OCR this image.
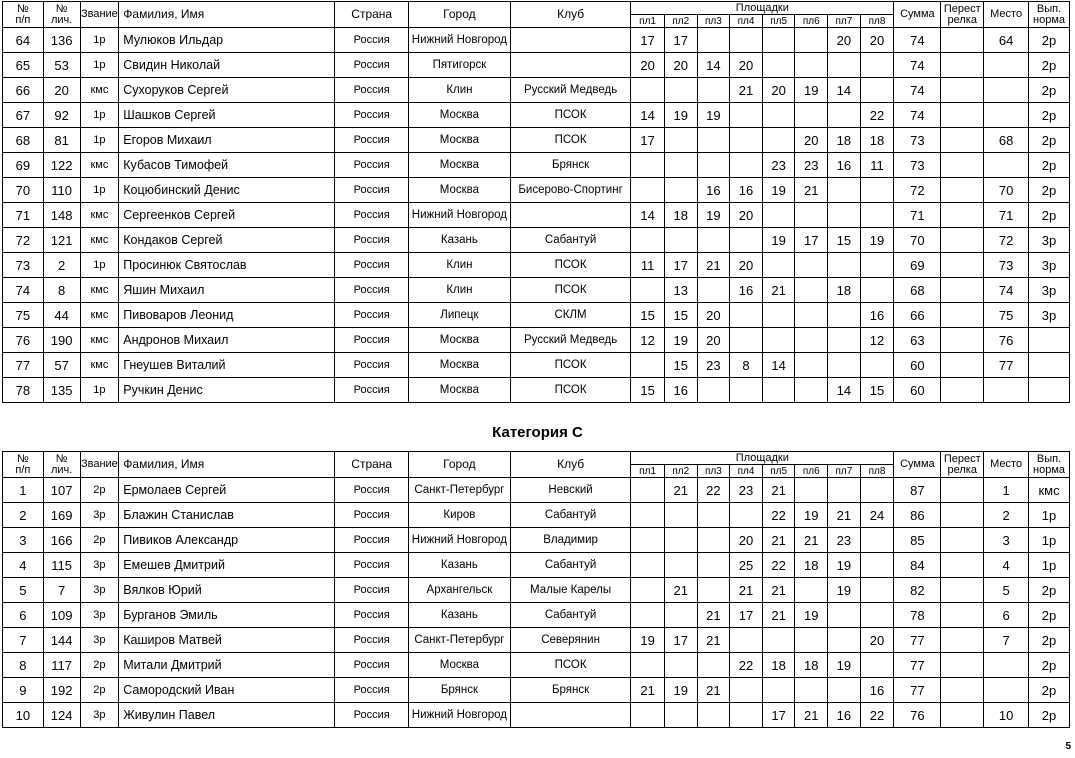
№
п/п	№
лич.	Звание	Фамилия, Имя	Страна	Город	Клуб	Площадки								Сумма	Перест
релка	Место	Вып.
норма
							пл1	пл2	пл3	пл4	пл5	пл6	пл7	пл8				
64	136	1р	Мулюков Ильдар	Россия	Нижний Новгород		17	17					20	20	74		64	2р
65	53	1р	Свидин Николай	Россия	Пятигорск		20	20	14	20					74			2р
66	20	кмс	Сухоруков Сергей	Россия	Клин	Русский Медведь				21	20	19	14		74			2р
67	92	1р	Шашков Сергей	Россия	Москва	ПСОК	14	19	19					22	74			2р
68	81	1р	Егоров Михаил	Россия	Москва	ПСОК	17					20	18	18	73		68	2р
69	122	кмс	Кубасов Тимофей	Россия	Москва	Брянск					23	23	16	11	73			2р
70	110	1р	Коцюбинский Денис	Россия	Москва	Бисерово-Спортинг			16	16	19	21			72		70	2р
71	148	кмс	Сергеенков Сергей	Россия	Нижний Новгород		14	18	19	20					71		71	2р
72	121	кмс	Кондаков Сергей	Россия	Казань	Сабантуй					19	17	15	19	70		72	3р
73	2	1р	Просинюк Святослав	Россия	Клин	ПСОК	11	17	21	20					69		73	3р
74	8	кмс	Яшин Михаил	Россия	Клин	ПСОК		13		16	21		18		68		74	3р
75	44	кмс	Пивоваров Леонид	Россия	Липецк	СКЛМ	15	15	20					16	66		75	3р
76	190	кмс	Андронов Михаил	Россия	Москва	Русский Медведь	12	19	20					12	63		76	
77	57	кмс	Гнеушев Виталий	Россия	Москва	ПСОК		15	23	8	14				60		77	
78	135	1р	Ручкин Денис	Россия	Москва	ПСОК	15	16					14	15	60			
Категория С
№
п/п	№
лич.	Звание	Фамилия, Имя	Страна	Город	Клуб	Площадки								Сумма	Перест
релка	Место	Вып.
норма
							пл1	пл2	пл3	пл4	пл5	пл6	пл7	пл8				
1	107	2р	Ермолаев Сергей	Россия	Санкт-Петербург	Невский		21	22	23	21				87		1	кмс
2	169	3р	Блажин Станислав	Россия	Киров	Сабантуй					22	19	21	24	86		2	1р
3	166	2р	Пивиков Александр	Россия	Нижний Новгород	Владимир				20	21	21	23		85		3	1р
4	115	3р	Емешев Дмитрий	Россия	Казань	Сабантуй				25	22	18	19		84		4	1р
5	7	3р	Вялков Юрий	Россия	Архангельск	Малые Карелы		21		21	21		19		82		5	2р
6	109	3р	Бурганов Эмиль	Россия	Казань	Сабантуй			21	17	21	19			78		6	2р
7	144	3р	Каширов Матвей	Россия	Санкт-Петербург	Северянин	19	17	21					20	77		7	2р
8	117	2р	Митали Дмитрий	Россия	Москва	ПСОК				22	18	18	19		77			2р
9	192	2р	Самородский Иван	Россия	Брянск	Брянск	21	19	21					16	77			2р
10	124	3р	Живулин Павел	Россия	Нижний Новгород						17	21	16	22	76		10	2р
5
